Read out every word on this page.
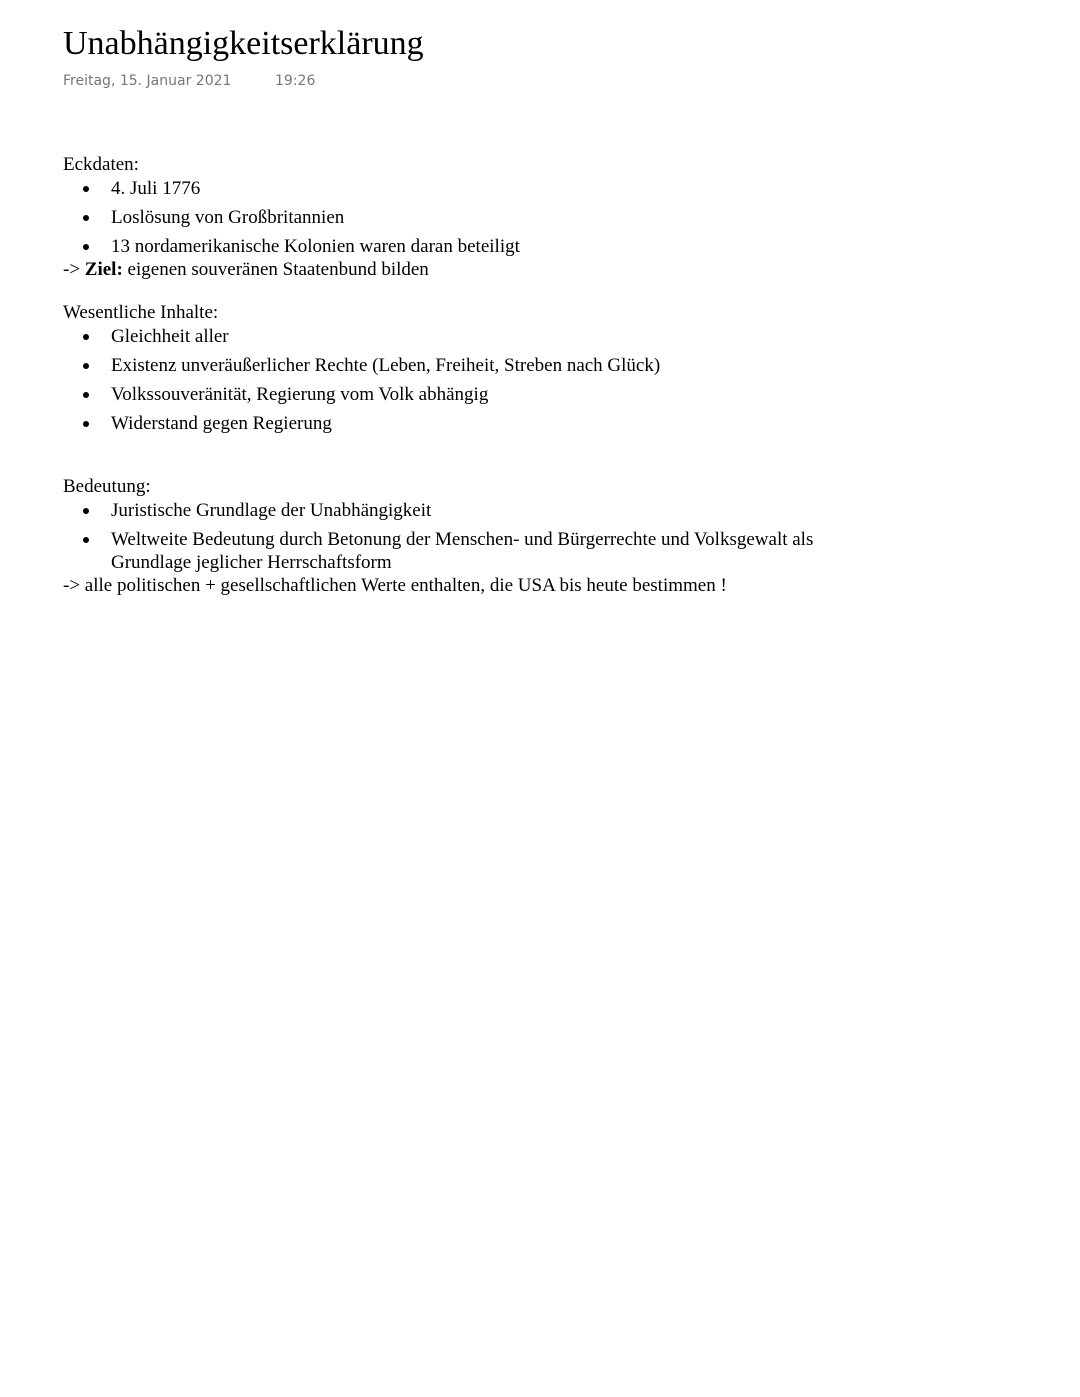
Unabhängigkeitserklärung
Freitag, 15. Januar 2021	19:26

Eckdaten:

4. Juli 1776
Loslösung von Großbritannien
13 nordamerikanische Kolonien waren daran beteiligt

-> Ziel: eigenen souveränen Staatenbund bilden

Wesentliche Inhalte:

Gleichheit aller
Existenz unveräußerlicher Rechte (Leben, Freiheit, Streben nach Glück)
Volkssouveränität, Regierung vom Volk abhängig
Widerstand gegen Regierung

Bedeutung:

Juristische Grundlage der Unabhängigkeit
Weltweite Bedeutung durch Betonung der Menschen- und Bürgerrechte und Volksgewalt als Grundlage jeglicher Herrschaftsform

-> alle politischen + gesellschaftlichen Werte enthalten, die USA bis heute bestimmen !
